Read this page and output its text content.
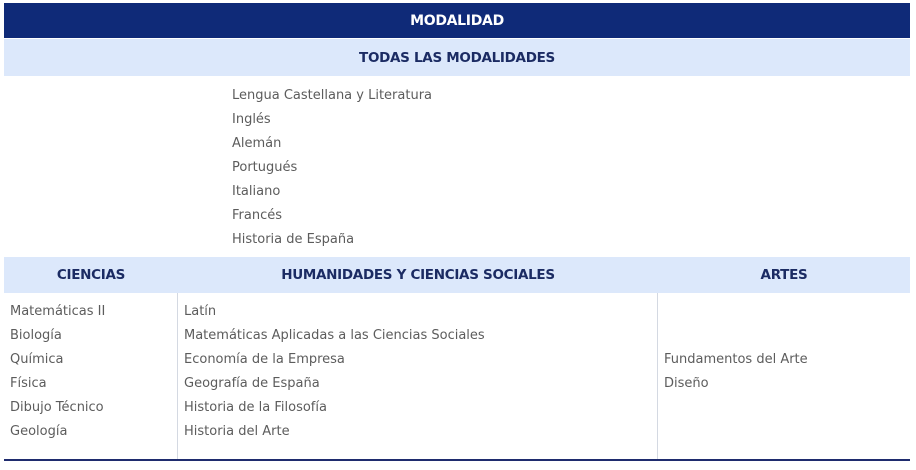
MODALIDAD
TODAS LAS MODALIDADES
Lengua Castellana y Literatura
Inglés
Alemán
Portugués
Italiano
Francés
Historia de España
CIENCIAS	HUMANIDADES Y CIENCIAS SOCIALES	ARTES
Matemáticas II
Biología
Química
Física
Dibujo Técnico
Geología
Latín
Matemáticas Aplicadas a las Ciencias Sociales
Economía de la Empresa
Geografía de España
Historia de la Filosofía
Historia del Arte
Fundamentos del Arte
Diseño
